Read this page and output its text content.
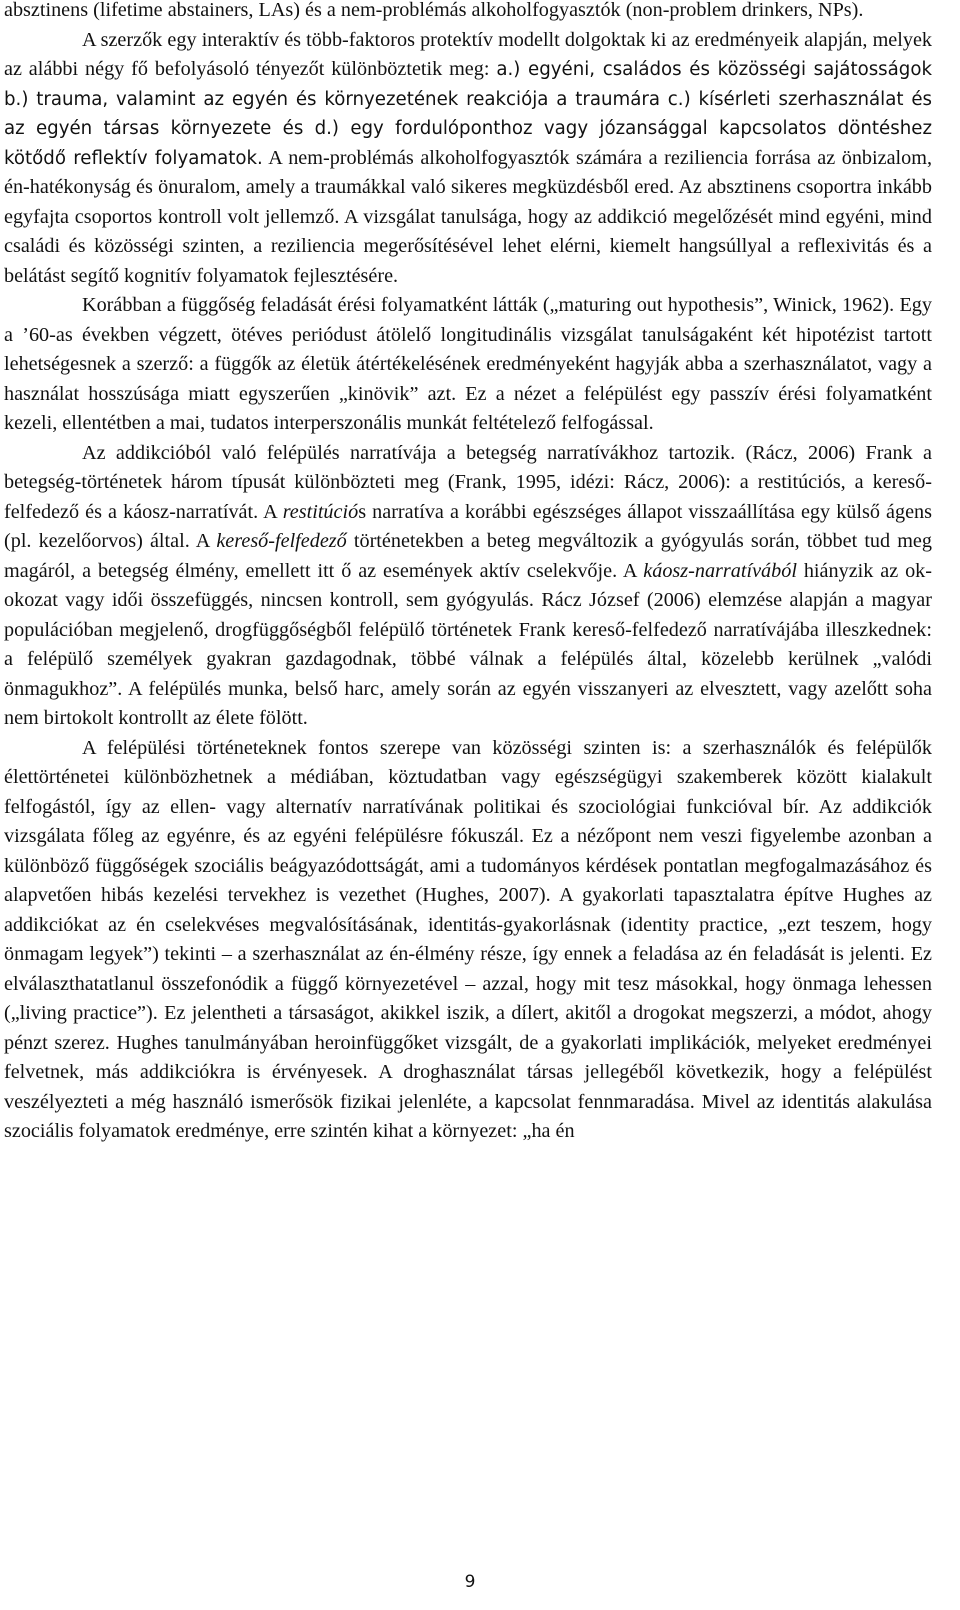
absztinens (lifetime abstainers, LAs) és a nem-problémás alkoholfogyasztók (non-problem drinkers, NPs).

A szerzők egy interaktív és több-faktoros protektív modellt dolgoktak ki az eredményeik alapján, melyek az alábbi négy fő befolyásoló tényezőt különböztetik meg: a.) egyéni, családos és közösségi sajátosságok b.) trauma, valamint az egyén és környezetének reakciója a traumára c.) kísérleti szerhasználat és az egyén társas környezete és d.) egy fordulóponthoz vagy józansággal kapcsolatos döntéshez kötődő reflektív folyamatok. A nem-problémás alkoholfogyasztók számára a reziliencia forrása az önbizalom, én-hatékonyság és önuralom, amely a traumákkal való sikeres megküzdésből ered. Az absztinens csoportra inkább egyfajta csoportos kontroll volt jellemző. A vizsgálat tanulsága, hogy az addikció megelőzését mind egyéni, mind családi és közösségi szinten, a reziliencia megerősítésével lehet elérni, kiemelt hangsúllyal a reflexivitás és a belátást segítő kognitív folyamatok fejlesztésére.

Korábban a függőség feladását érési folyamatként látták („maturing out hypothesis”, Winick, 1962). Egy a ’60-as években végzett, ötéves periódust átölelő longitudinális vizsgálat tanulságaként két hipotézist tartott lehetségesnek a szerző: a függők az életük átértékelésének eredményeként hagyják abba a szerhasználatot, vagy a használat hosszúsága miatt egyszerűen „kinövik” azt. Ez a nézet a felépülést egy passzív érési folyamatként kezeli, ellentétben a mai, tudatos interperszonális munkát feltételező felfogással.

Az addikcióból való felépülés narratívája a betegség narratívákhoz tartozik. (Rácz, 2006) Frank a betegség-történetek három típusát különbözteti meg (Frank, 1995, idézi: Rácz, 2006): a restitúciós, a kereső-felfedező és a káosz-narratívát. A restitúciós narratíva a korábbi egészséges állapot visszaállítása egy külső ágens (pl. kezelőorvos) által. A kereső-felfedező történetekben a beteg megváltozik a gyógyulás során, többet tud meg magáról, a betegség élmény, emellett itt ő az események aktív cselekvője. A káosz-narratívából hiányzik az ok-okozat vagy idői összefüggés, nincsen kontroll, sem gyógyulás. Rácz József (2006) elemzése alapján a magyar populációban megjelenő, drogfüggőségből felépülő történetek Frank kereső-felfedező narratívájába illeszkednek: a felépülő személyek gyakran gazdagodnak, többé válnak a felépülés által, közelebb kerülnek „valódi önmagukhoz”. A felépülés munka, belső harc, amely során az egyén visszanyeri az elvesztett, vagy azelőtt soha nem birtokolt kontrollt az élete fölött.

A felépülési történeteknek fontos szerepe van közösségi szinten is: a szerhasználók és felépülők élettörténetei különbözhetnek a médiában, köztudatban vagy egészségügyi szakemberek között kialakult felfogástól, így az ellen- vagy alternatív narratívának politikai és szociológiai funkcióval bír. Az addikciók vizsgálata főleg az egyénre, és az egyéni felépülésre fókuszál. Ez a nézőpont nem veszi figyelembe azonban a különböző függőségek szociális beágyazódottságát, ami a tudományos kérdések pontatlan megfogalmazásához és alapvetően hibás kezelési tervekhez is vezethet (Hughes, 2007). A gyakorlati tapasztalatra építve Hughes az addikciókat az én cselekvéses megvalósításának, identitás-gyakorlásnak (identity practice, „ezt teszem, hogy önmagam legyek”) tekinti – a szerhasználat az én-élmény része, így ennek a feladása az én feladását is jelenti. Ez elválaszthatatlanul összefonódik a függő környezetével – azzal, hogy mit tesz másokkal, hogy önmaga lehessen („living practice”). Ez jelentheti a társaságot, akikkel iszik, a dílert, akitől a drogokat megszerzi, a módot, ahogy pénzt szerez. Hughes tanulmányában heroinfüggőket vizsgált, de a gyakorlati implikációk, melyeket eredményei felvetnek, más addikciókra is érvényesek. A droghasználat társas jellegéből következik, hogy a felépülést veszélyezteti a még használó ismerősök fizikai jelenléte, a kapcsolat fennmaradása. Mivel az identitás alakulása szociális folyamatok eredménye, erre szintén kihat a környezet: „ha én

9
